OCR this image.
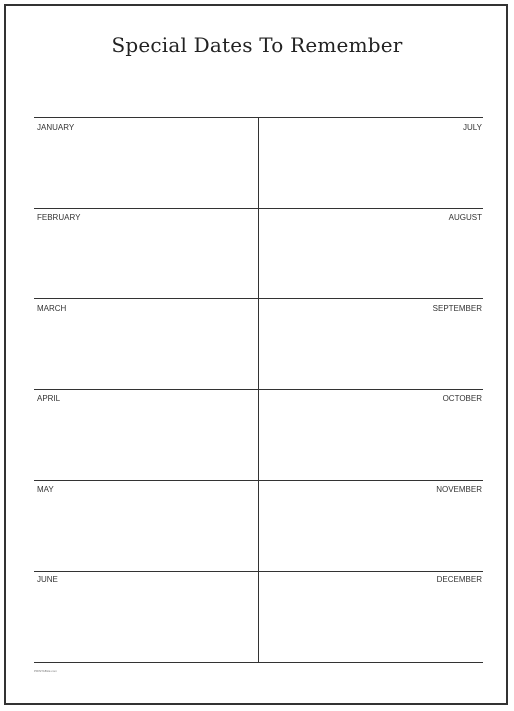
Special Dates To Remember
JANUARY
FEBRUARY
MARCH
APRIL
MAY
JUNE
JULY
AUGUST
SEPTEMBER
OCTOBER
NOVEMBER
DECEMBER
PRINTABLE.com
